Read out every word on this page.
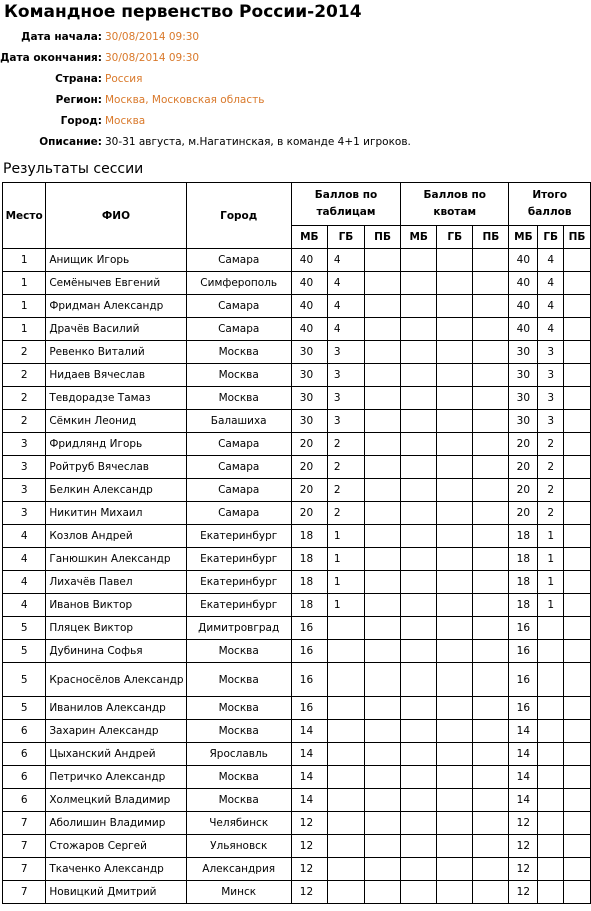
Командное первенство России-2014
Дата начала: 30/08/2014 09:30
Дата окончания: 30/08/2014 09:30
Страна: Россия
Регион: Москва, Московская область
Город: Москва
Описание: 30-31 августа, м.Нагатинская, в команде 4+1 игроков.
Результаты сессии
Место	ФИО	Город	Баллов по таблицам			Баллов по квотам			Итого баллов		
			МБ	ГБ	ПБ	МБ	ГБ	ПБ	МБ	ГБ	ПБ
1	Анищик Игорь	Самара	40	4					40	4	
1	Семёнычев Евгений	Симферополь	40	4					40	4	
1	Фридман Александр	Самара	40	4					40	4	
1	Драчёв Василий	Самара	40	4					40	4	
2	Ревенко Виталий	Москва	30	3					30	3	
2	Нидаев Вячеслав	Москва	30	3					30	3	
2	Тевдорадзе Тамаз	Москва	30	3					30	3	
2	Сёмкин Леонид	Балашиха	30	3					30	3	
3	Фридлянд Игорь	Самара	20	2					20	2	
3	Ройтруб Вячеслав	Самара	20	2					20	2	
3	Белкин Александр	Самара	20	2					20	2	
3	Никитин Михаил	Самара	20	2					20	2	
4	Козлов Андрей	Екатеринбург	18	1					18	1	
4	Ганюшкин Александр	Екатеринбург	18	1					18	1	
4	Лихачёв Павел	Екатеринбург	18	1					18	1	
4	Иванов Виктор	Екатеринбург	18	1					18	1	
5	Пляцек Виктор	Димитровград	16						16		
5	Дубинина Софья	Москва	16						16		
5	Красносёлов Александр	Москва	16						16		
5	Иванилов Александр	Москва	16						16		
6	Захарин Александр	Москва	14						14		
6	Цыханский Андрей	Ярославль	14						14		
6	Петричко Александр	Москва	14						14		
6	Холмецкий Владимир	Москва	14						14		
7	Аболишин Владимир	Челябинск	12						12		
7	Стожаров Сергей	Ульяновск	12						12		
7	Ткаченко Александр	Александрия	12						12		
7	Новицкий Дмитрий	Минск	12						12		
